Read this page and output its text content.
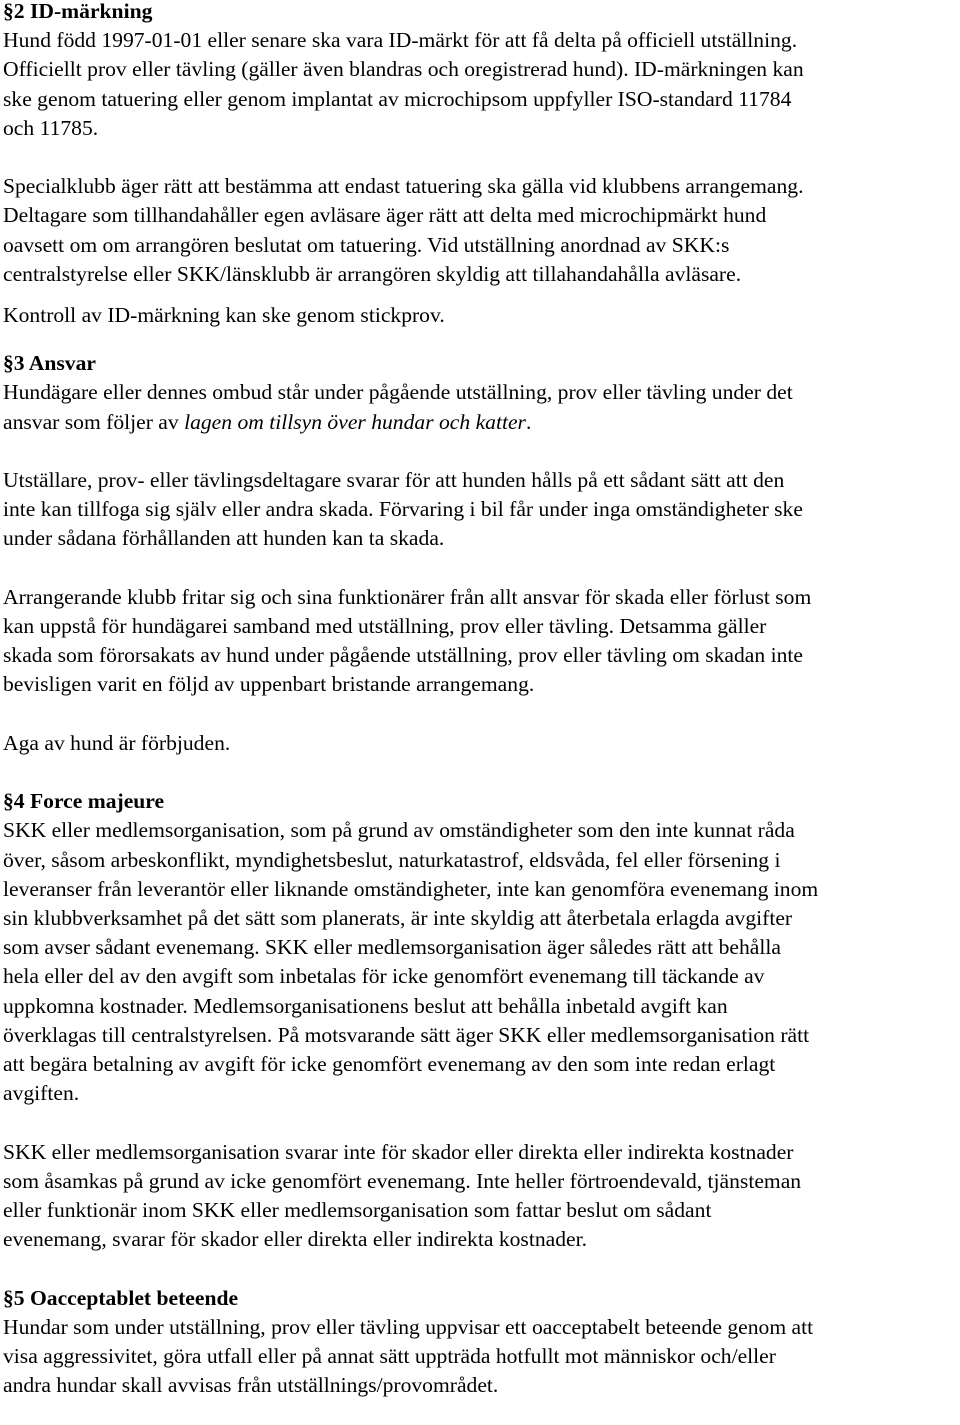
§2 ID-märkning
Hund född 1997-01-01 eller senare ska vara ID-märkt för att få delta på officiell utställning.
Officiellt prov eller tävling (gäller även blandras och oregistrerad hund). ID-märkningen kan
ske genom tatuering eller genom implantat av microchipsom uppfyller ISO-standard 11784
och 11785.
Specialklubb äger rätt att bestämma att endast tatuering ska gälla vid klubbens arrangemang.
Deltagare som tillhandahåller egen avläsare äger rätt att delta med microchipmärkt hund
oavsett om om arrangören beslutat om tatuering. Vid utställning anordnad av SKK:s
centralstyrelse eller SKK/länsklubb är arrangören skyldig att tillahandahålla avläsare.
Kontroll av ID-märkning kan ske genom stickprov.
§3 Ansvar
Hundägare eller dennes ombud står under pågående utställning, prov eller tävling under det
ansvar som följer av lagen om tillsyn över hundar och katter.
Utställare, prov- eller tävlingsdeltagare svarar för att hunden hålls på ett sådant sätt att den
inte kan tillfoga sig själv eller andra skada. Förvaring i bil får under inga omständigheter ske
under sådana förhållanden att hunden kan ta skada.
Arrangerande klubb fritar sig och sina funktionärer från allt ansvar för skada eller förlust som
kan uppstå för hundägarei samband med utställning, prov eller tävling. Detsamma gäller
skada som förorsakats av hund under pågående utställning, prov eller tävling om skadan inte
bevisligen varit en följd av uppenbart bristande arrangemang.
Aga av hund är förbjuden.
§4 Force majeure
SKK eller medlemsorganisation, som på grund av omständigheter som den inte kunnat råda
över, såsom arbeskonflikt, myndighetsbeslut, naturkatastrof, eldsvåda, fel eller försening i
leveranser från leverantör eller liknande omständigheter, inte kan genomföra evenemang inom
sin klubbverksamhet på det sätt som planerats, är inte skyldig att återbetala erlagda avgifter
som avser sådant evenemang. SKK eller medlemsorganisation äger således rätt att behålla
hela eller del av den avgift som inbetalas för icke genomfört evenemang till täckande av
uppkomna kostnader. Medlemsorganisationens beslut att behålla inbetald avgift kan
överklagas till centralstyrelsen. På motsvarande sätt äger SKK eller medlemsorganisation rätt
att begära betalning av avgift för icke genomfört evenemang av den som inte redan erlagt
avgiften.
SKK eller medlemsorganisation svarar inte för skador eller direkta eller indirekta kostnader
som åsamkas på grund av icke genomfört evenemang. Inte heller förtroendevald, tjänsteman
eller funktionär inom SKK eller medlemsorganisation som fattar beslut om sådant
evenemang, svarar för skador eller direkta eller indirekta kostnader.
§5 Oacceptablet beteende
Hundar som under utställning, prov eller tävling uppvisar ett oacceptabelt beteende genom att
visa aggressivitet, göra utfall eller på annat sätt uppträda hotfullt mot människor och/eller
andra hundar skall avvisas från utställnings/provområdet.
